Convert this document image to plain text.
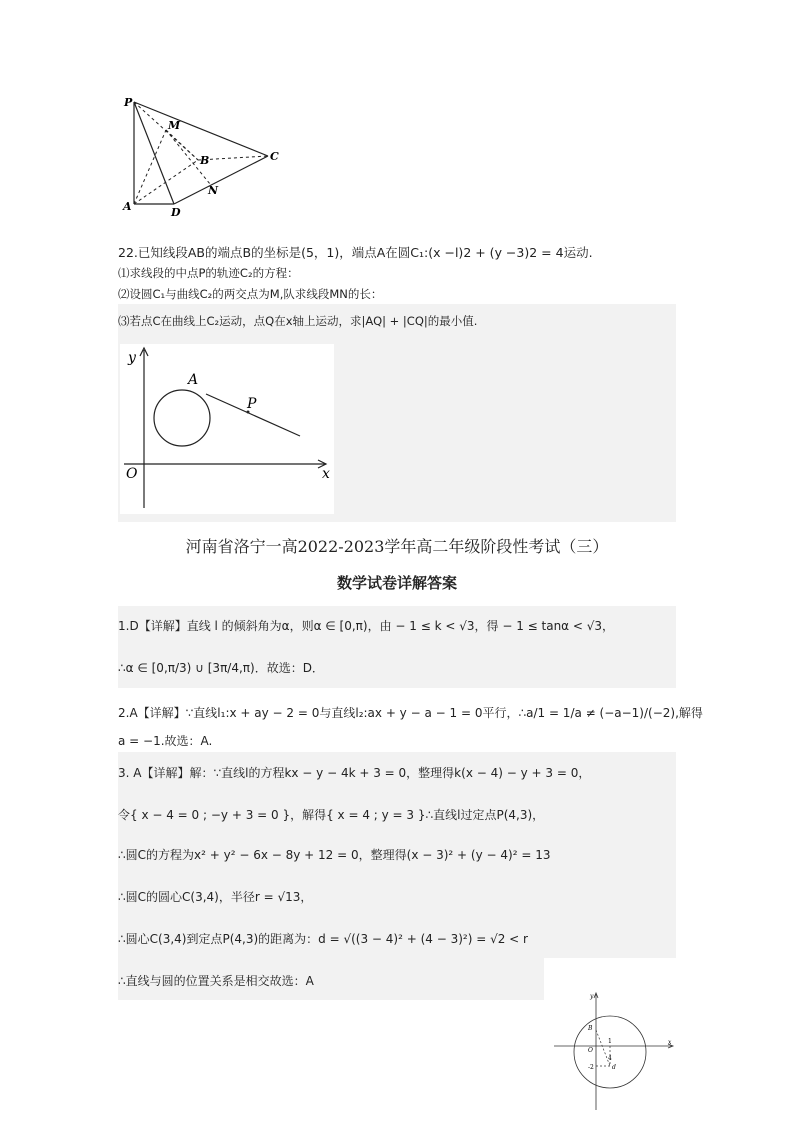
P
M
B	C
N
A	D
22.已知线段AB的端点B的坐标是(5，1)，端点A在圆C₁:(x −l)2 + (y −3)2 = 4运动.
⑴求线段的中点P的轨迹C₂的方程：
⑵设圆C₁与曲线C₂的两交点为M,队求线段MN的长：
⑶若点C在曲线上C₂运动，点Q在x轴上运动，求|AQ| + |CQ|的最小值.
y
A
P
O	x
河南省洛宁一高2022-2023学年高二年级阶段性考试（三）
数学试卷详解答案
1.D【详解】直线 l 的倾斜角为α，则α ∈ [0,π)，由 − 1 ≤ k < √3，得 − 1 ≤ tanα < √3，
∴α ∈ [0,π/3) ∪ [3π/4,π)．故选：D．
2.A【详解】∵直线l₁:x + ay − 2 = 0与直线l₂:ax + y − a − 1 = 0平行，∴a/1 = 1/a ≠ (−a−1)/(−2),解得
a = −1.故选：A.
3. A【详解】解：∵直线l的方程kx − y − 4k + 3 = 0，整理得k(x − 4) − y + 3 = 0，
令{ x − 4 = 0 ; −y + 3 = 0 }，解得{ x = 4 ; y = 3 }∴直线l过定点P(4,3)，
∴圆C的方程为x² + y² − 6x − 8y + 12 = 0，整理得(x − 3)² + (y − 4)² = 13
∴圆C的圆心C(3,4)，半径r = √13，
∴圆心C(3,4)到定点P(4,3)的距离为：d = √((3 − 4)² + (4 − 3)²) = √2 < r
∴直线与圆的位置关系是相交故选：A
y
x
B
O
1
-2	d
4
